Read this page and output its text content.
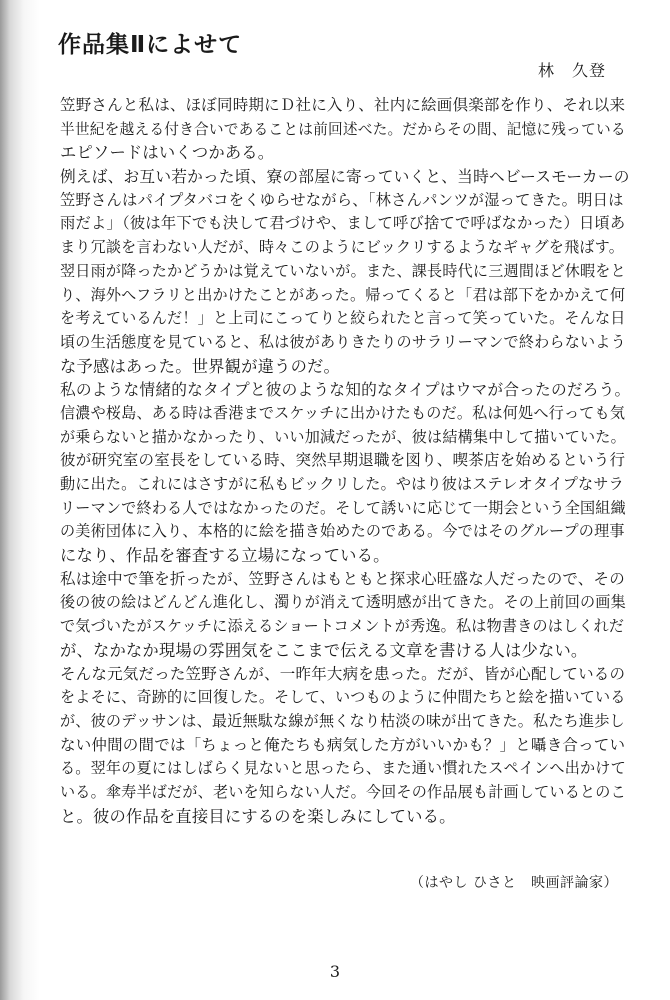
作品集Ⅱによせて
林　久登
笠野さんと私は、ほぼ同時期にＤ社に入り、社内に絵画倶楽部を作り、それ以来
半世紀を越える付き合いであることは前回述べた。だからその間、記憶に残っている
エピソードはいくつかある。
例えば、お互い若かった頃、寮の部屋に寄っていくと、当時ヘビースモーカーの
笠野さんはパイプタバコをくゆらせながら、「林さんパンツが湿ってきた。明日は
雨だよ」（彼は年下でも決して君づけや、まして呼び捨てで呼ばなかった）日頃あ
まり冗談を言わない人だが、時々このようにビックリするようなギャグを飛ばす。
翌日雨が降ったかどうかは覚えていないが。また、課長時代に三週間ほど休暇をと
り、海外へフラリと出かけたことがあった。帰ってくると「君は部下をかかえて何
を考えているんだ！」と上司にこってりと絞られたと言って笑っていた。そんな日
頃の生活態度を見ていると、私は彼がありきたりのサラリーマンで終わらないよう
な予感はあった。世界観が違うのだ。
私のような情緒的なタイプと彼のような知的なタイプはウマが合ったのだろう。
信濃や桜島、ある時は香港までスケッチに出かけたものだ。私は何処へ行っても気
が乗らないと描かなかったり、いい加減だったが、彼は結構集中して描いていた。
彼が研究室の室長をしている時、突然早期退職を図り、喫茶店を始めるという行
動に出た。これにはさすがに私もビックリした。やはり彼はステレオタイプなサラ
リーマンで終わる人ではなかったのだ。そして誘いに応じて一期会という全国組織
の美術団体に入り、本格的に絵を描き始めたのである。今ではそのグループの理事
になり、作品を審査する立場になっている。
私は途中で筆を折ったが、笠野さんはもともと探求心旺盛な人だったので、その
後の彼の絵はどんどん進化し、濁りが消えて透明感が出てきた。その上前回の画集
で気づいたがスケッチに添えるショートコメントが秀逸。私は物書きのはしくれだ
が、なかなか現場の雰囲気をここまで伝える文章を書ける人は少ない。
そんな元気だった笠野さんが、一昨年大病を患った。だが、皆が心配しているの
をよそに、奇跡的に回復した。そして、いつものように仲間たちと絵を描いている
が、彼のデッサンは、最近無駄な線が無くなり枯淡の味が出てきた。私たち進歩し
ない仲間の間では「ちょっと俺たちも病気した方がいいかも？」と囁き合ってい
る。翌年の夏にはしばらく見ないと思ったら、また通い慣れたスペインへ出かけて
いる。傘寿半ばだが、老いを知らない人だ。今回その作品展も計画しているとのこ
と。彼の作品を直接目にするのを楽しみにしている。
（はやし ひさと　映画評論家）
3
